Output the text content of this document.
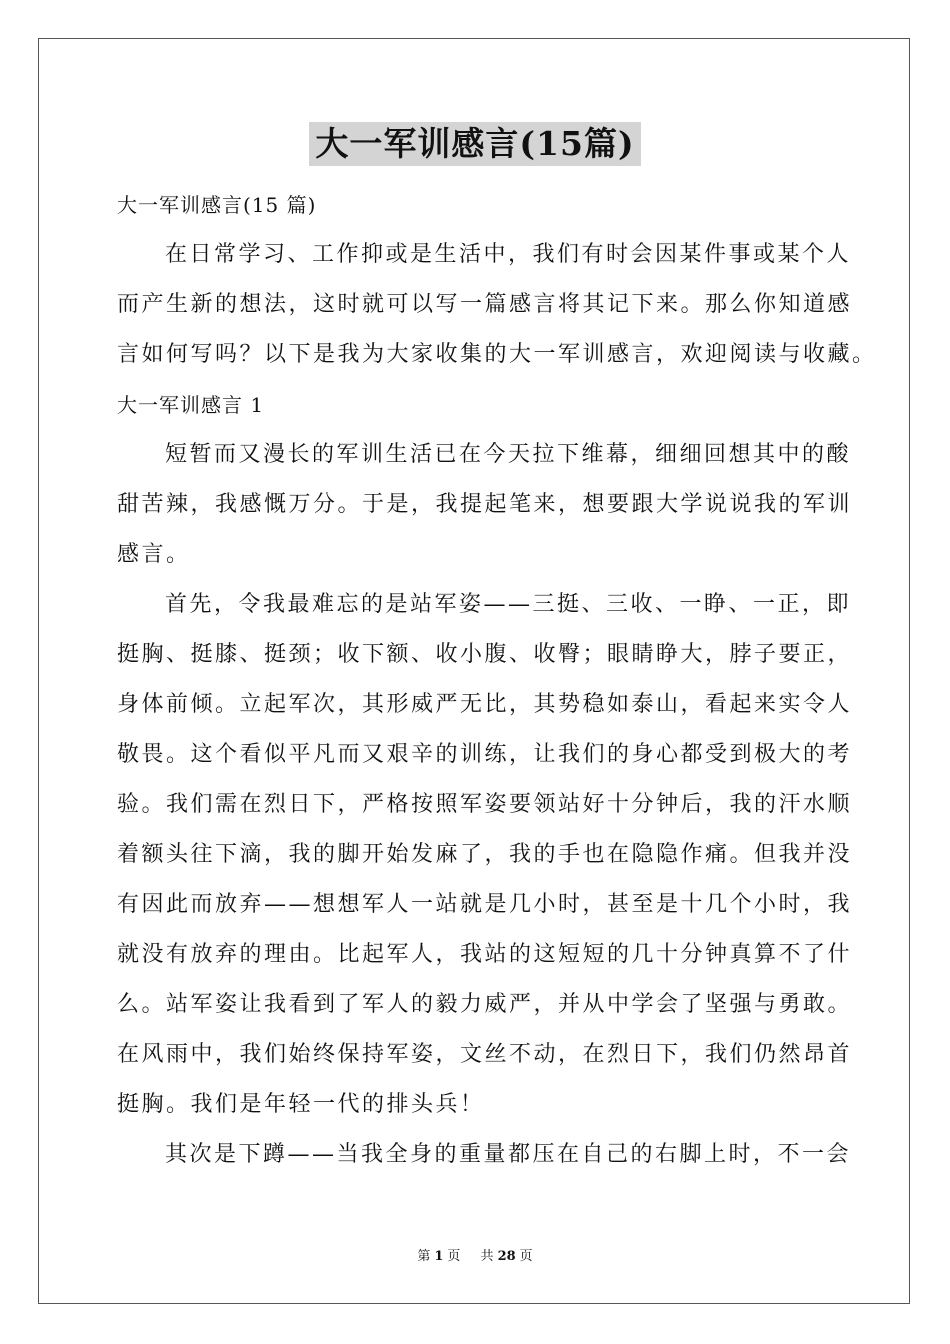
大一军训感言(15篇)
大一军训感言(15 篇)
在日常学习、工作抑或是生活中，我们有时会因某件事或某个人
而产生新的想法，这时就可以写一篇感言将其记下来。那么你知道感
言如何写吗？以下是我为大家收集的大一军训感言，欢迎阅读与收藏。
大一军训感言 1
短暂而又漫长的军训生活已在今天拉下维幕，细细回想其中的酸
甜苦辣，我感慨万分。于是，我提起笔来，想要跟大学说说我的军训
感言。
首先，令我最难忘的是站军姿——三挺、三收、一睁、一正，即
挺胸、挺膝、挺颈；收下额、收小腹、收臀；眼睛睁大，脖子要正，
身体前倾。立起军次，其形威严无比，其势稳如泰山，看起来实令人
敬畏。这个看似平凡而又艰辛的训练，让我们的身心都受到极大的考
验。我们需在烈日下，严格按照军姿要领站好十分钟后，我的汗水顺
着额头往下滴，我的脚开始发麻了，我的手也在隐隐作痛。但我并没
有因此而放弃——想想军人一站就是几小时，甚至是十几个小时，我
就没有放弃的理由。比起军人，我站的这短短的几十分钟真算不了什
么。站军姿让我看到了军人的毅力威严，并从中学会了坚强与勇敢。
在风雨中，我们始终保持军姿，文丝不动，在烈日下，我们仍然昂首
挺胸。我们是年轻一代的排头兵！
其次是下蹲——当我全身的重量都压在自己的右脚上时，不一会
第 1 页 共 28 页
